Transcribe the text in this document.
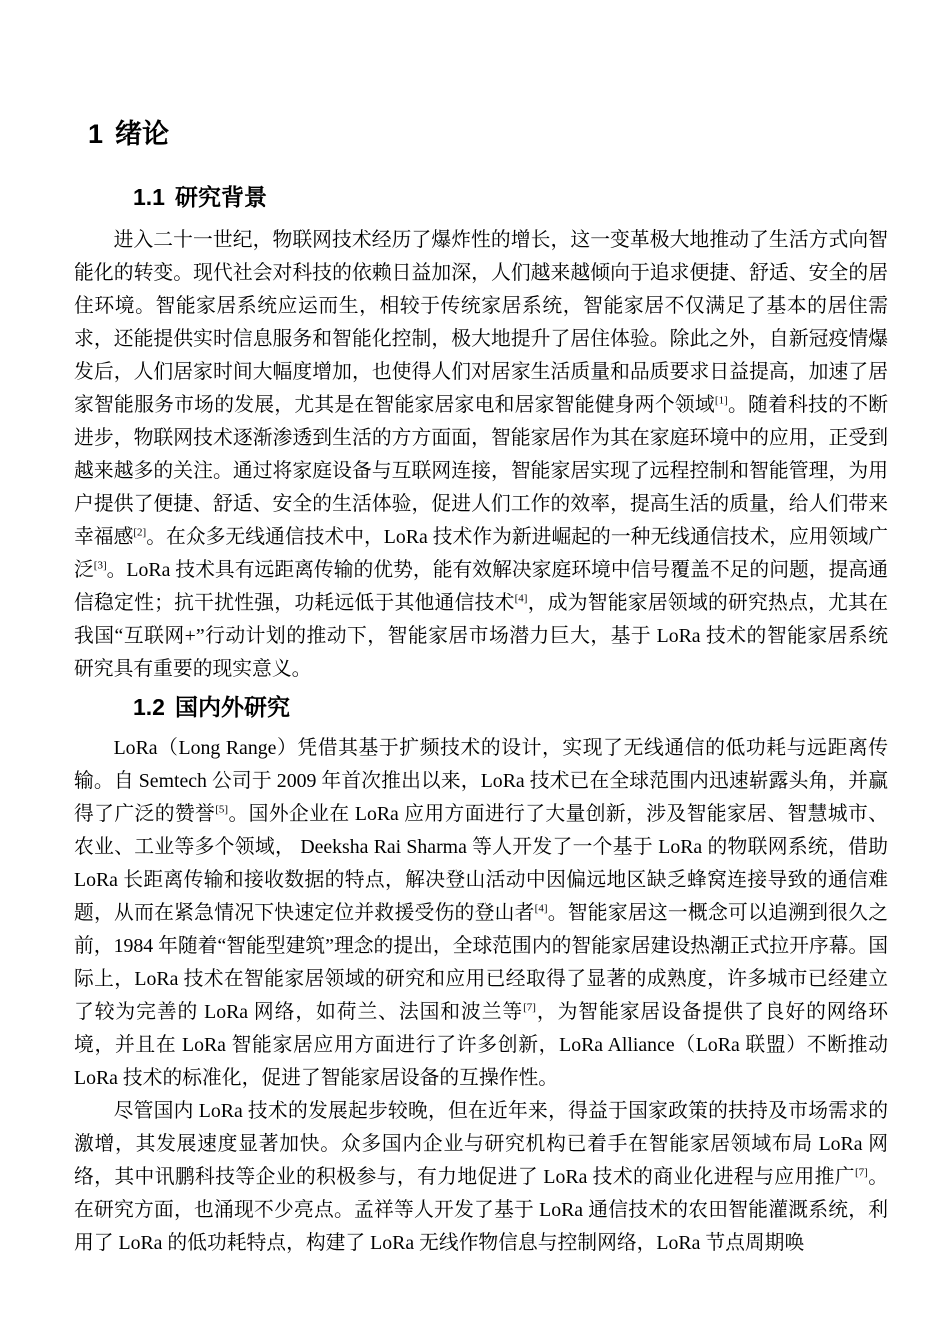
1 绪论
1.1 研究背景

进入二十一世纪，物联网技术经历了爆炸性的增长，这一变革极大地推动了生活方式向智能化的转变。现代社会对科技的依赖日益加深，人们越来越倾向于追求便捷、舒适、安全的居住环境。智能家居系统应运而生，相较于传统家居系统，智能家居不仅满足了基本的居住需求，还能提供实时信息服务和智能化控制，极大地提升了居住体验。除此之外，自新冠疫情爆发后，人们居家时间大幅度增加，也使得人们对居家生活质量和品质要求日益提高，加速了居家智能服务市场的发展，尤其是在智能家居家电和居家智能健身两个领域[1]。随着科技的不断进步，物联网技术逐渐渗透到生活的方方面面，智能家居作为其在家庭环境中的应用，正受到越来越多的关注。通过将家庭设备与互联网连接，智能家居实现了远程控制和智能管理，为用户提供了便捷、舒适、安全的生活体验，促进人们工作的效率，提高生活的质量，给人们带来幸福感[2]。在众多无线通信技术中，LoRa 技术作为新进崛起的一种无线通信技术，应用领域广泛[3]。LoRa 技术具有远距离传输的优势，能有效解决家庭环境中信号覆盖不足的问题，提高通信稳定性；抗干扰性强，功耗远低于其他通信技术[4]，成为智能家居领域的研究热点，尤其在我国“互联网+”行动计划的推动下，智能家居市场潜力巨大，基于 LoRa 技术的智能家居系统研究具有重要的现实意义。

1.2 国内外研究

LoRa（Long Range）凭借其基于扩频技术的设计，实现了无线通信的低功耗与远距离传输。自 Semtech 公司于 2009 年首次推出以来，LoRa 技术已在全球范围内迅速崭露头角，并赢得了广泛的赞誉[5]。国外企业在 LoRa 应用方面进行了大量创新，涉及智能家居、智慧城市、农业、工业等多个领域， Deeksha Rai Sharma 等人开发了一个基于 LoRa 的物联网系统，借助 LoRa 长距离传输和接收数据的特点，解决登山活动中因偏远地区缺乏蜂窝连接导致的通信难题，从而在紧急情况下快速定位并救援受伤的登山者[4]。智能家居这一概念可以追溯到很久之前，1984 年随着“智能型建筑”理念的提出，全球范围内的智能家居建设热潮正式拉开序幕。国际上，LoRa 技术在智能家居领域的研究和应用已经取得了显著的成熟度，许多城市已经建立了较为完善的 LoRa 网络，如荷兰、法国和波兰等[7]，为智能家居设备提供了良好的网络环境，并且在 LoRa 智能家居应用方面进行了许多创新，LoRa Alliance（LoRa 联盟）不断推动 LoRa 技术的标准化，促进了智能家居设备的互操作性。

尽管国内 LoRa 技术的发展起步较晚，但在近年来，得益于国家政策的扶持及市场需求的激增，其发展速度显著加快。众多国内企业与研究机构已着手在智能家居领域布局 LoRa 网络，其中讯鹏科技等企业的积极参与，有力地促进了 LoRa 技术的商业化进程与应用推广[7]。在研究方面，也涌现不少亮点。孟祥等人开发了基于 LoRa 通信技术的农田智能灌溉系统，利用了 LoRa 的低功耗特点，构建了 LoRa 无线作物信息与控制网络，LoRa 节点周期唤
